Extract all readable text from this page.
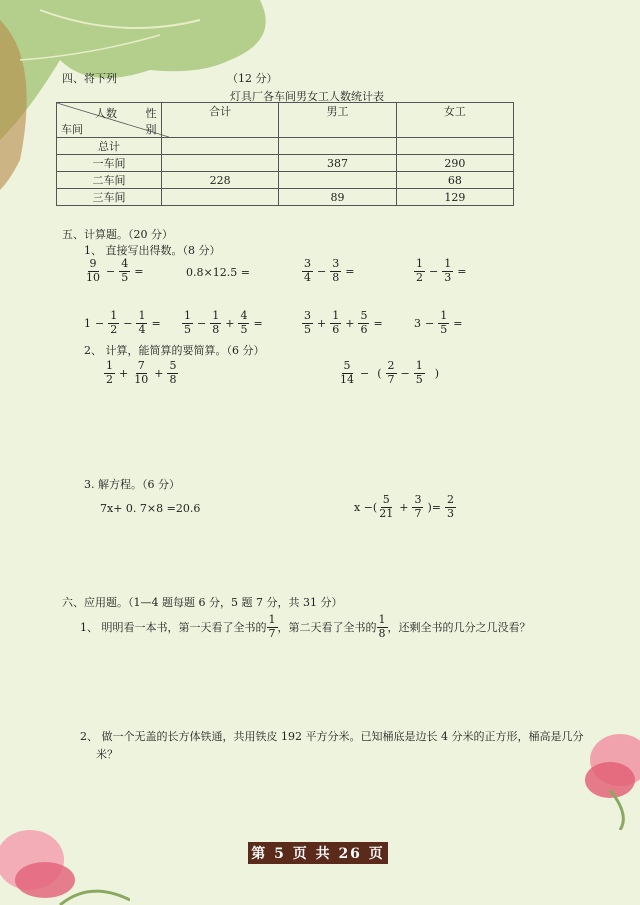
四、将下列	（12 分）
灯具厂各车间男女工人数统计表
人数 性别
车间	合计	男工	女工
总计			
一车间		387	290
二车间	228		68
三车间		89	129
五、计算题。（20 分）
1、 直接写出得数。（8 分）
$\frac{9}{10} - \frac{4}{5}$ =	0.8×12.5 =	$\frac{3}{4} - \frac{3}{8}$ =	$\frac{1}{2} - \frac{1}{3}$ =
$1 - \frac{1}{2} - \frac{1}{4}$ =	$\frac{1}{5} - \frac{1}{8} + \frac{4}{5}$ =	$\frac{3}{5} + \frac{1}{6} + \frac{5}{6}$ =	$3 - \frac{1}{5}$ =
2、 计算，能简算的要简算。（6 分）
$\frac{1}{2} + \frac{7}{10} + \frac{5}{8}$	$\frac{5}{14}$ − ( $\frac{2}{7} - \frac{1}{5}$ )
3. 解方程。（6 分）
7x+ 0. 7×8 =20.6	x −( $\frac{5}{21} + \frac{3}{7}$ )= $\frac{2}{3}$
六、应用题。（1—4 题每题 6 分，5 题 7 分，共 31 分）
1、 明明看一本书，第一天看了全书的 $\frac{1}{7}$ ，第二天看了全书的 $\frac{1}{8}$ ，还剩全书的几分之几没看？
2、 做一个无盖的长方体铁通，共用铁皮 192 平方分米。已知桶底是边长 4 分米的正方形，桶高是几分
米？
第 5 页 共 26 页
